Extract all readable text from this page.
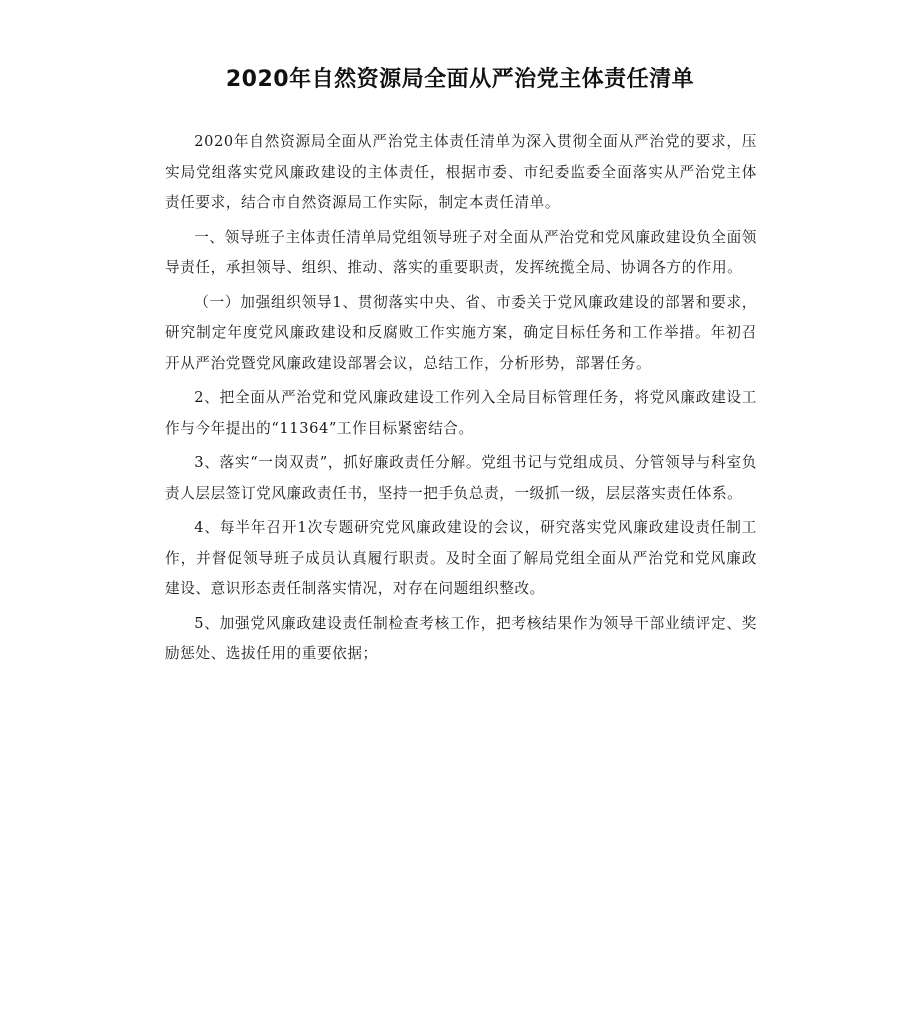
2020年自然资源局全面从严治党主体责任清单

2020年自然资源局全面从严治党主体责任清单为深入贯彻全面从严治党的要求，压实局党组落实党风廉政建设的主体责任，根据市委、市纪委监委全面落实从严治党主体责任要求，结合市自然资源局工作实际，制定本责任清单。

一、领导班子主体责任清单局党组领导班子对全面从严治党和党风廉政建设负全面领导责任，承担领导、组织、推动、落实的重要职责，发挥统揽全局、协调各方的作用。

（一）加强组织领导1、贯彻落实中央、省、市委关于党风廉政建设的部署和要求，研究制定年度党风廉政建设和反腐败工作实施方案，确定目标任务和工作举措。年初召开从严治党暨党风廉政建设部署会议，总结工作，分析形势，部署任务。

2、把全面从严治党和党风廉政建设工作列入全局目标管理任务，将党风廉政建设工作与今年提出的“11364”工作目标紧密结合。

3、落实“一岗双责”，抓好廉政责任分解。党组书记与党组成员、分管领导与科室负责人层层签订党风廉政责任书，坚持一把手负总责，一级抓一级，层层落实责任体系。

4、每半年召开1次专题研究党风廉政建设的会议，研究落实党风廉政建设责任制工作，并督促领导班子成员认真履行职责。及时全面了解局党组全面从严治党和党风廉政建设、意识形态责任制落实情况，对存在问题组织整改。

5、加强党风廉政建设责任制检查考核工作，把考核结果作为领导干部业绩评定、奖励惩处、选拔任用的重要依据；
